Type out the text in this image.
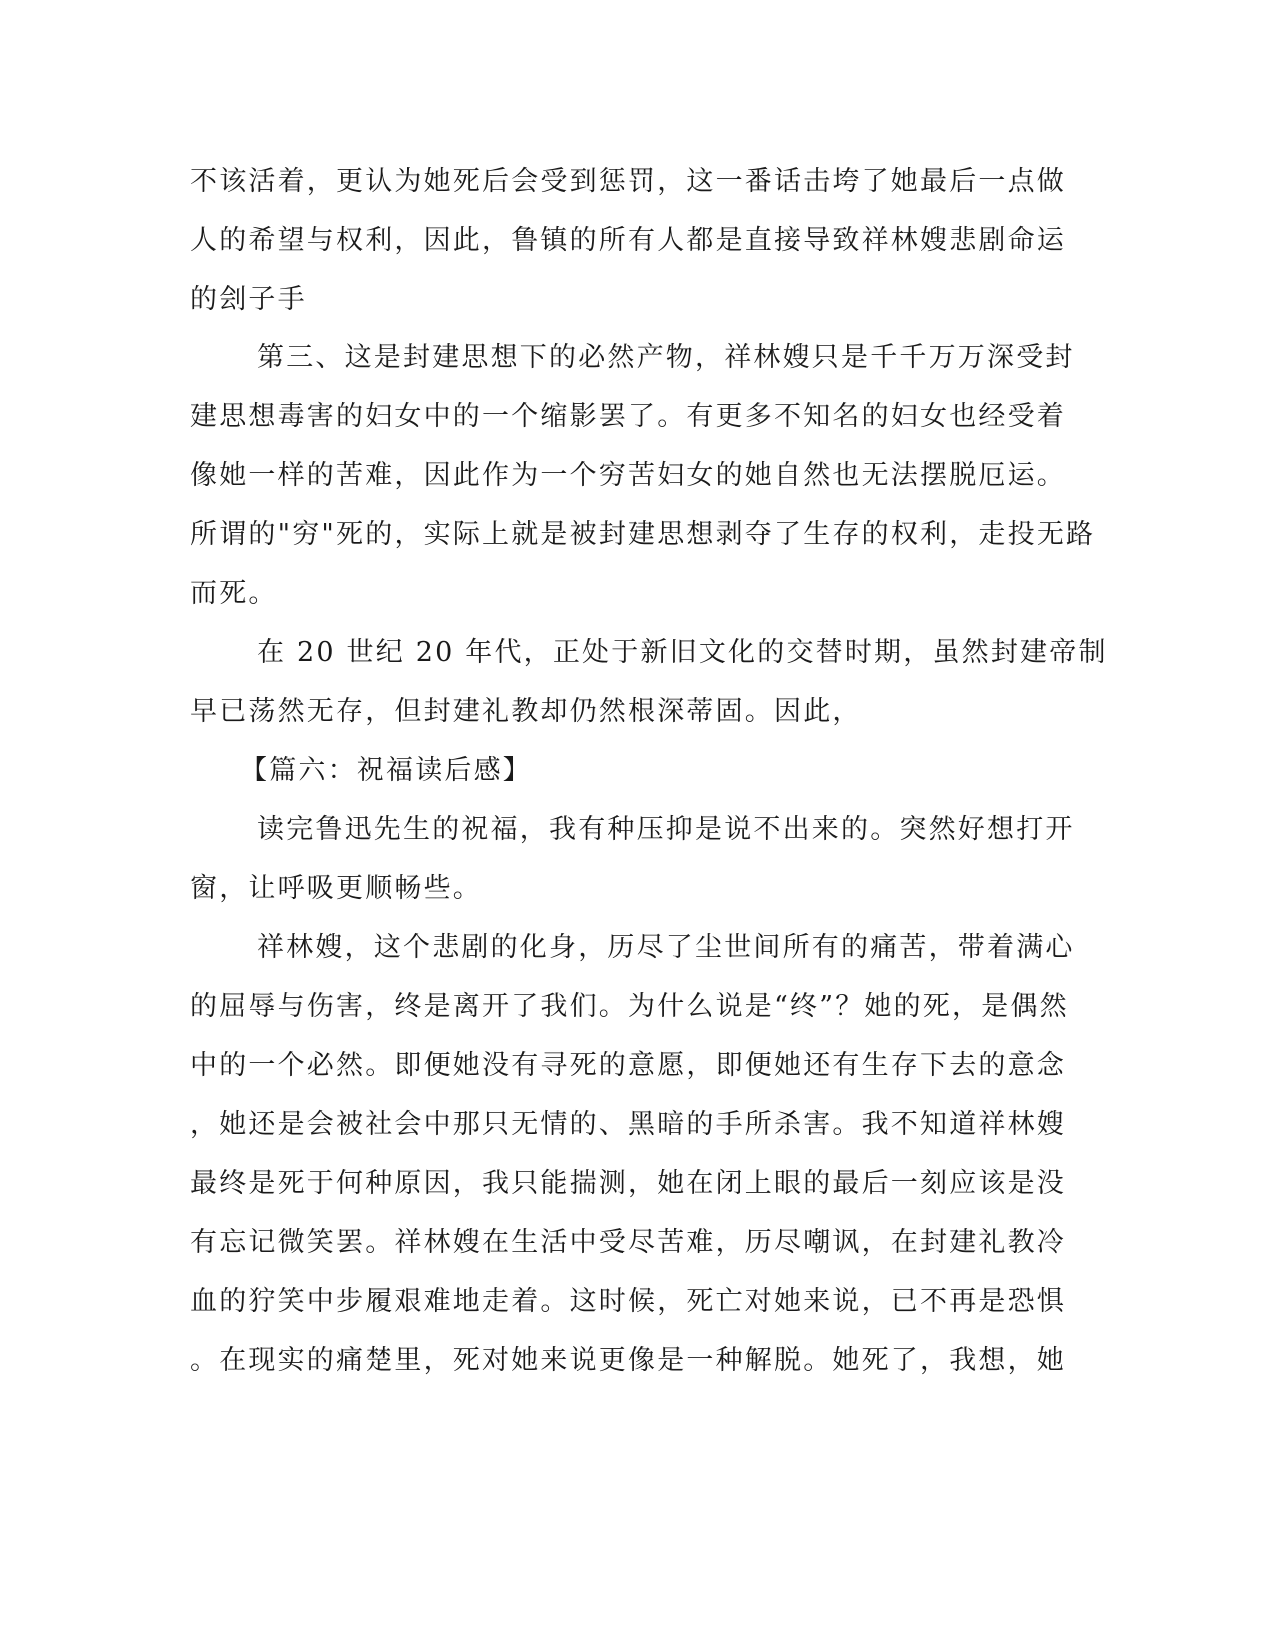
不该活着，更认为她死后会受到惩罚，这一番话击垮了她最后一点做
人的希望与权利，因此，鲁镇的所有人都是直接导致祥林嫂悲剧命运
的刽子手
第三、这是封建思想下的必然产物，祥林嫂只是千千万万深受封
建思想毒害的妇女中的一个缩影罢了。有更多不知名的妇女也经受着
像她一样的苦难，因此作为一个穷苦妇女的她自然也无法摆脱厄运。
所谓的"穷"死的，实际上就是被封建思想剥夺了生存的权利，走投无路
而死。
在 20 世纪 20 年代，正处于新旧文化的交替时期，虽然封建帝制
早已荡然无存，但封建礼教却仍然根深蒂固。因此，
【篇六：祝福读后感】
读完鲁迅先生的祝福，我有种压抑是说不出来的。突然好想打开
窗，让呼吸更顺畅些。
祥林嫂，这个悲剧的化身，历尽了尘世间所有的痛苦，带着满心
的屈辱与伤害，终是离开了我们。为什么说是“终”？她的死，是偶然
中的一个必然。即便她没有寻死的意愿，即便她还有生存下去的意念
，她还是会被社会中那只无情的、黑暗的手所杀害。我不知道祥林嫂
最终是死于何种原因，我只能揣测，她在闭上眼的最后一刻应该是没
有忘记微笑罢。祥林嫂在生活中受尽苦难，历尽嘲讽，在封建礼教冷
血的狞笑中步履艰难地走着。这时候，死亡对她来说，已不再是恐惧
。在现实的痛楚里，死对她来说更像是一种解脱。她死了，我想，她
